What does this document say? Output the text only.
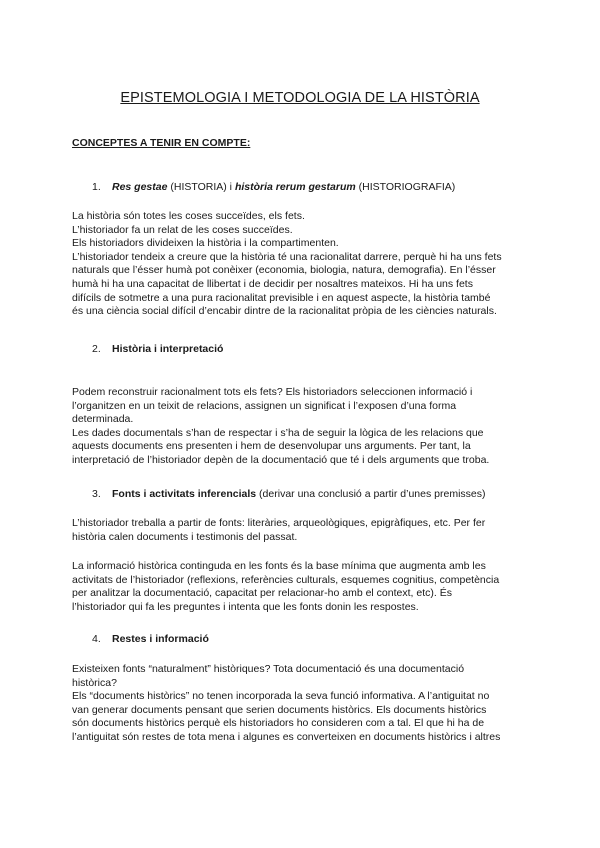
EPISTEMOLOGIA I METODOLOGIA DE LA HISTÒRIA
CONCEPTES A TENIR EN COMPTE:
1. Res gestae (HISTORIA) i història rerum gestarum (HISTORIOGRAFIA)
La història són totes les coses succeïdes, els fets.
L’historiador fa un relat de les coses succeïdes.
Els historiadors divideixen la història i la compartimenten.
L’historiador tendeix a creure que la història té una racionalitat darrere, perquè hi ha uns fets
naturals que l’ésser humà pot conèixer (economia, biologia, natura, demografia). En l’ésser
humà hi ha una capacitat de llibertat i de decidir per nosaltres mateixos. Hi ha uns fets
difícils de sotmetre a una pura racionalitat previsible i en aquest aspecte, la història també
és una ciència social difícil d’encabir dintre de la racionalitat pròpia de les ciències naturals.
2. Història i interpretació
Podem reconstruir racionalment tots els fets? Els historiadors seleccionen informació i
l’organitzen en un teixit de relacions, assignen un significat i l’exposen d’una forma
determinada.
Les dades documentals s’han de respectar i s’ha de seguir la lògica de les relacions que
aquests documents ens presenten i hem de desenvolupar uns arguments. Per tant, la
interpretació de l’historiador depèn de la documentació que té i dels arguments que troba.
3. Fonts i activitats inferencials (derivar una conclusió a partir d’unes premisses)
L’historiador treballa a partir de fonts: literàries, arqueològiques, epigràfiques, etc. Per fer
història calen documents i testimonis del passat.
La informació històrica continguda en les fonts és la base mínima que augmenta amb les
activitats de l’historiador (reflexions, referències culturals, esquemes cognitius, competència
per analitzar la documentació, capacitat per relacionar-ho amb el context, etc). És
l’historiador qui fa les preguntes i intenta que les fonts donin les respostes.
4. Restes i informació
Existeixen fonts “naturalment” històriques? Tota documentació és una documentació
històrica?
Els “documents històrics” no tenen incorporada la seva funció informativa. A l’antiguitat no
van generar documents pensant que serien documents històrics. Els documents històrics
són documents històrics perquè els historiadors ho consideren com a tal. El que hi ha de
l’antiguitat són restes de tota mena i algunes es converteixen en documents històrics i altres
